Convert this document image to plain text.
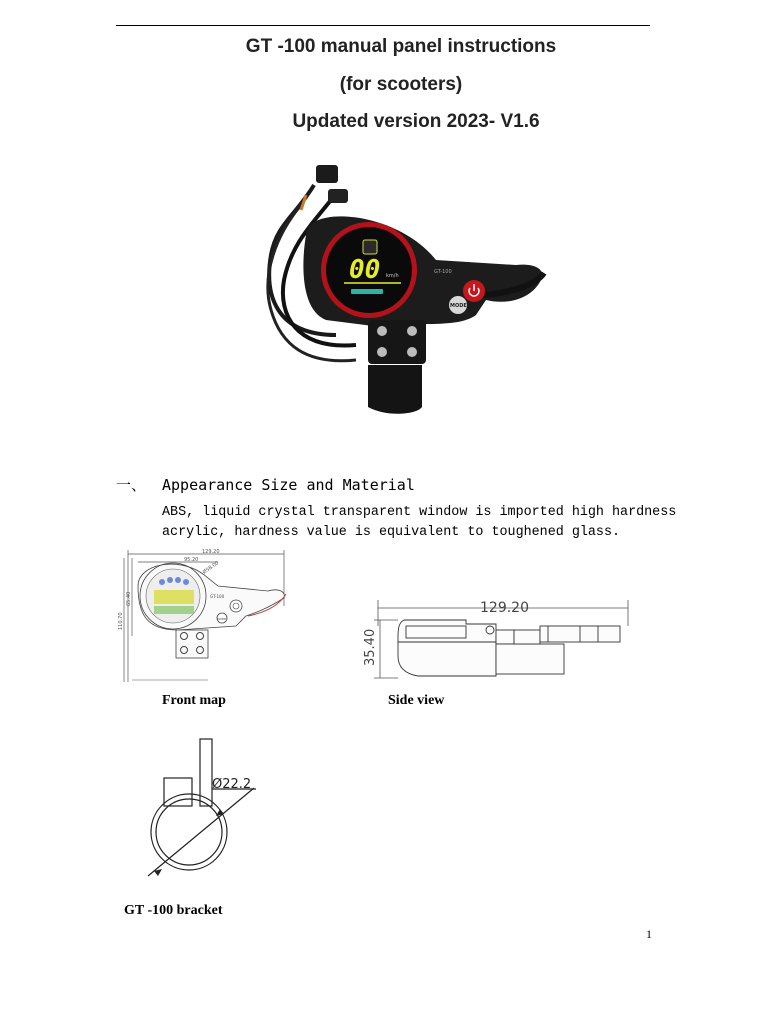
GT -100 manual panel instructions
(for scooters)
Updated version 2023- V1.6
00 km/h
GT-100
MODE
一、 Appearance Size and Material
ABS, liquid crystal transparent window is imported high hardness
acrylic, hardness value is equivalent to toughened glass.
129.20
95.20
Ø58.00
65.40
110.70
GT-100
MODE
129.20
35.40
Front map	Side view
Ø22.2
GT -100 bracket
1
